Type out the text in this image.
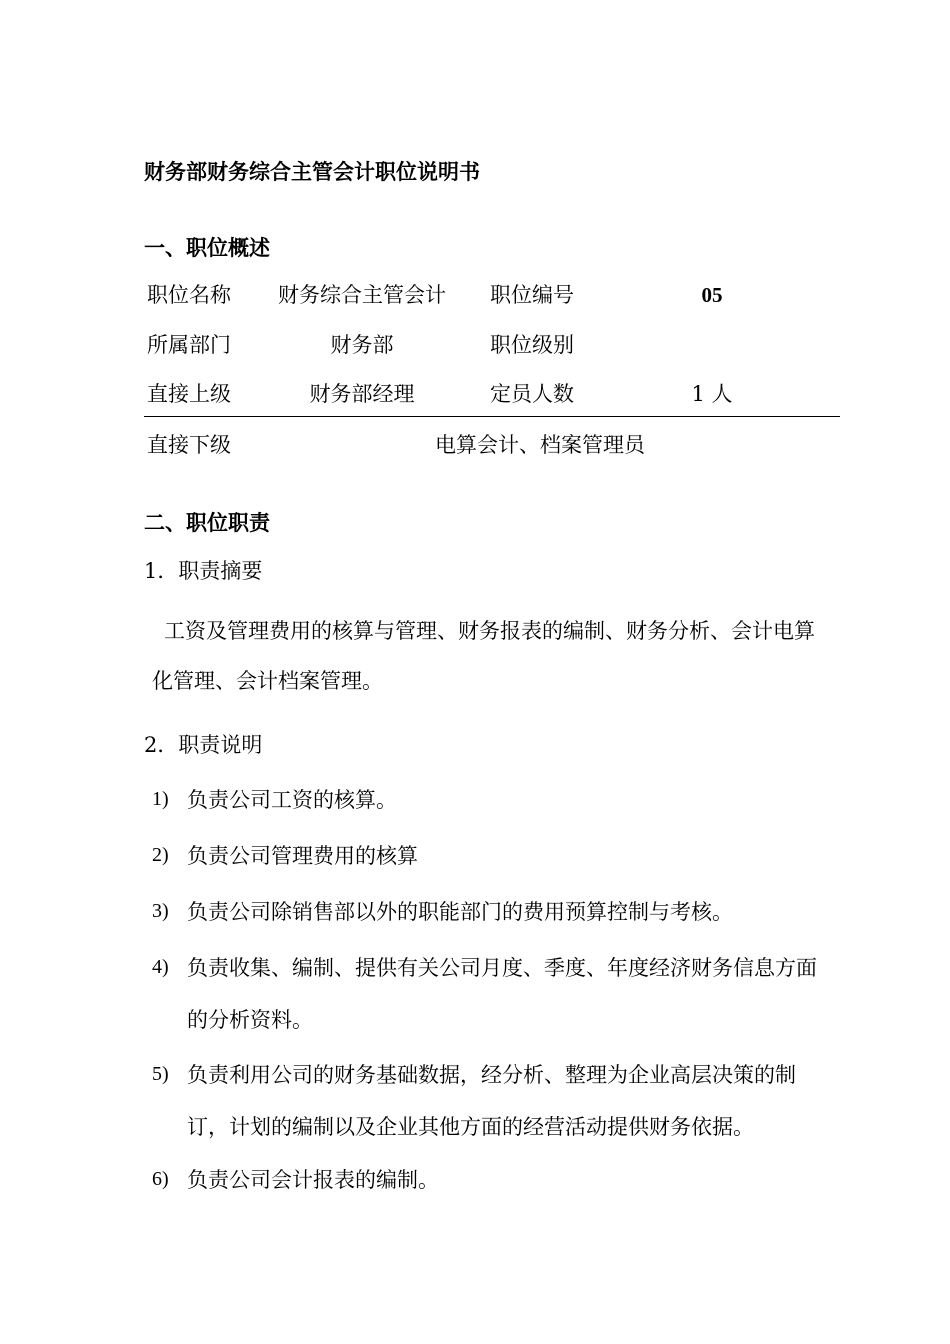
财务部财务综合主管会计职位说明书
一、职位概述
职位名称	财务综合主管会计	职位编号	05
所属部门	财务部	职位级别
直接上级	财务部经理	定员人数	1 人
直接下级	电算会计、档案管理员
二、职位职责
1．职责摘要
工资及管理费用的核算与管理、财务报表的编制、财务分析、会计电算化管理、会计档案管理。
2．职责说明
1) 负责公司工资的核算。
2) 负责公司管理费用的核算
3) 负责公司除销售部以外的职能部门的费用预算控制与考核。
4) 负责收集、编制、提供有关公司月度、季度、年度经济财务信息方面的分析资料。
5) 负责利用公司的财务基础数据，经分析、整理为企业高层决策的制订，计划的编制以及企业其他方面的经营活动提供财务依据。
6) 负责公司会计报表的编制。
